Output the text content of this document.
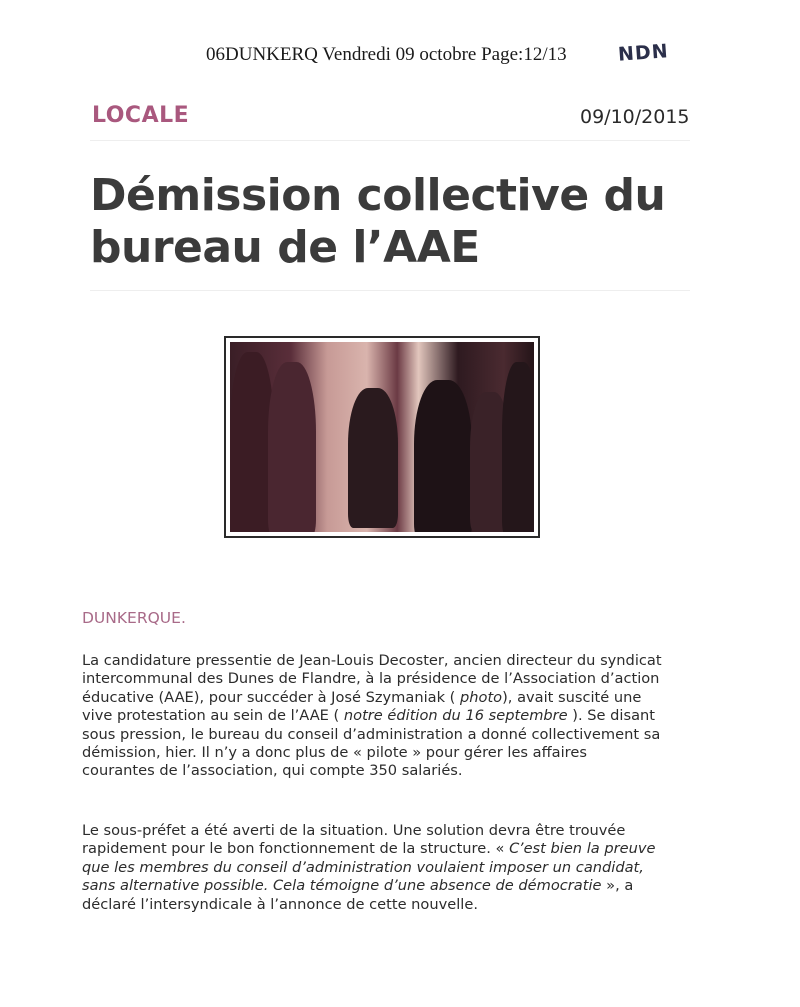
06DUNKERQ Vendredi 09 octobre Page:12/13	NDN
LOCALE	09/10/2015
Démission collective du bureau de l’AAE
DUNKERQUE.

La candidature pressentie de Jean-Louis Decoster, ancien directeur du syndicat intercommunal des Dunes de Flandre, à la présidence de l’Association d’action éducative (AAE), pour succéder à José Szymaniak ( photo), avait suscité une vive protestation au sein de l’AAE ( notre édition du 16 septembre ). Se disant sous pression, le bureau du conseil d’administration a donné collectivement sa démission, hier. Il n’y a donc plus de « pilote » pour gérer les affaires courantes de l’association, qui compte 350 salariés.

Le sous-préfet a été averti de la situation. Une solution devra être trouvée rapidement pour le bon fonctionnement de la structure. « C’est bien la preuve que les membres du conseil d’administration voulaient imposer un candidat, sans alternative possible. Cela témoigne d’une absence de démocratie », a déclaré l’intersyndicale à l’annonce de cette nouvelle.
